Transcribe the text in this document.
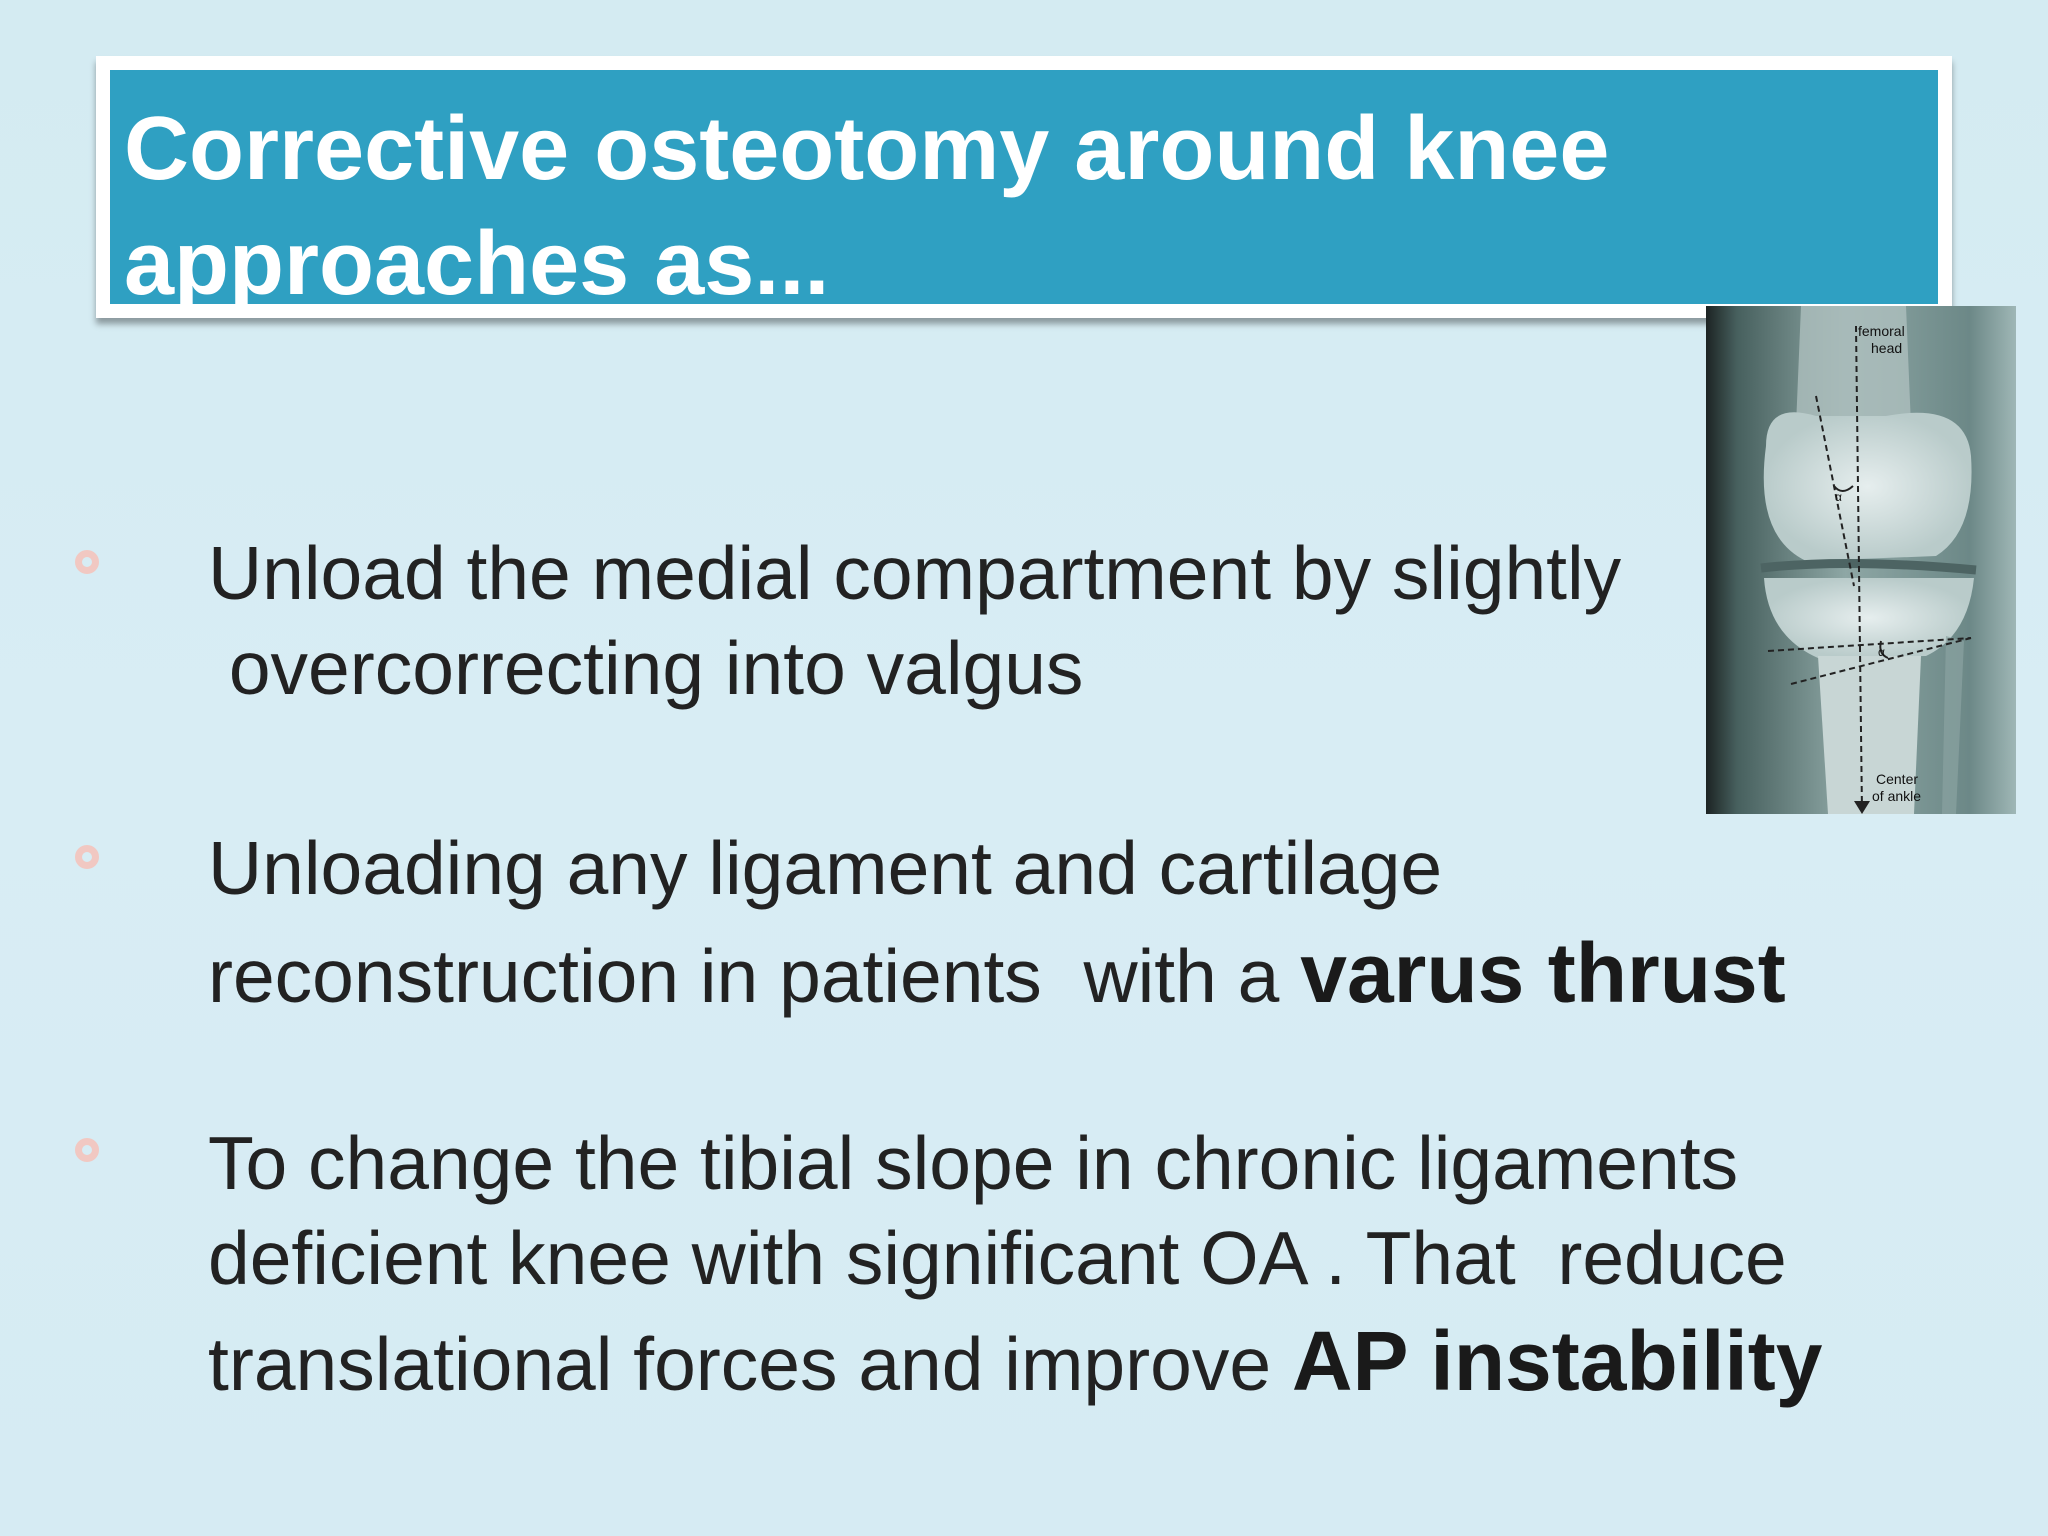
Corrective osteotomy around knee
approaches as...
femoral
head
α
α
Center
of ankle
Unload the medial compartment by slightly
overcorrecting into valgus
Unloading any ligament and cartilage
reconstruction in patients  with a varus thrust
To change the tibial slope in chronic ligaments
deficient knee with significant OA . That  reduce
translational forces and improve AP instability
